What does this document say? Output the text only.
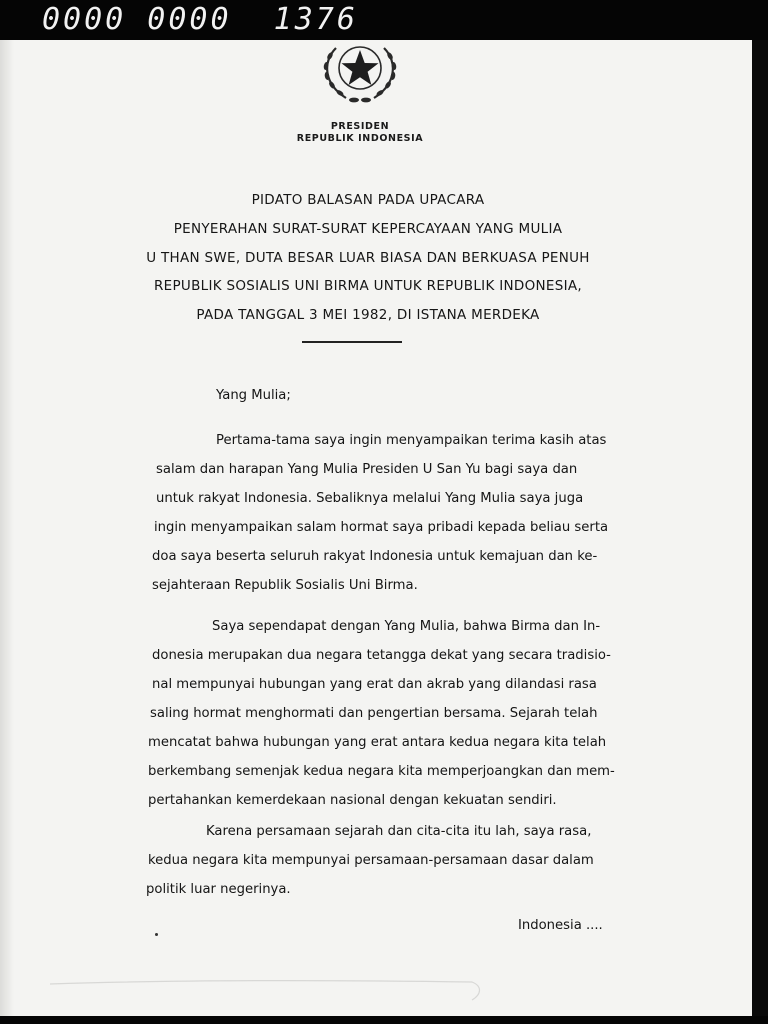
0000 0000  1376
PRESIDEN
REPUBLIK INDONESIA
PIDATO BALASAN PADA UPACARA
PENYERAHAN SURAT-SURAT KEPERCAYAAN YANG MULIA
U THAN SWE, DUTA BESAR LUAR BIASA DAN BERKUASA PENUH
REPUBLIK SOSIALIS UNI BIRMA UNTUK REPUBLIK INDONESIA,
PADA TANGGAL 3 MEI 1982, DI ISTANA MERDEKA
Yang Mulia;
Pertama-tama saya ingin menyampaikan terima kasih atas
salam dan harapan Yang Mulia Presiden U San Yu bagi saya dan
untuk rakyat Indonesia. Sebaliknya melalui Yang Mulia saya juga
ingin menyampaikan salam hormat saya pribadi kepada beliau serta
doa saya beserta seluruh rakyat Indonesia untuk kemajuan dan ke-
sejahteraan Republik Sosialis Uni Birma.
Saya sependapat dengan Yang Mulia, bahwa Birma dan In-
donesia merupakan dua negara tetangga dekat yang secara tradisio-
nal mempunyai hubungan yang erat dan akrab yang dilandasi rasa
saling hormat menghormati dan pengertian bersama. Sejarah telah
mencatat bahwa hubungan yang erat antara kedua negara kita telah
berkembang semenjak kedua negara kita memperjoangkan dan mem-
pertahankan kemerdekaan nasional dengan kekuatan sendiri.
Karena persamaan sejarah dan cita-cita itu lah, saya rasa,
kedua negara kita mempunyai persamaan-persamaan dasar dalam
politik luar negerinya.
Indonesia ....
